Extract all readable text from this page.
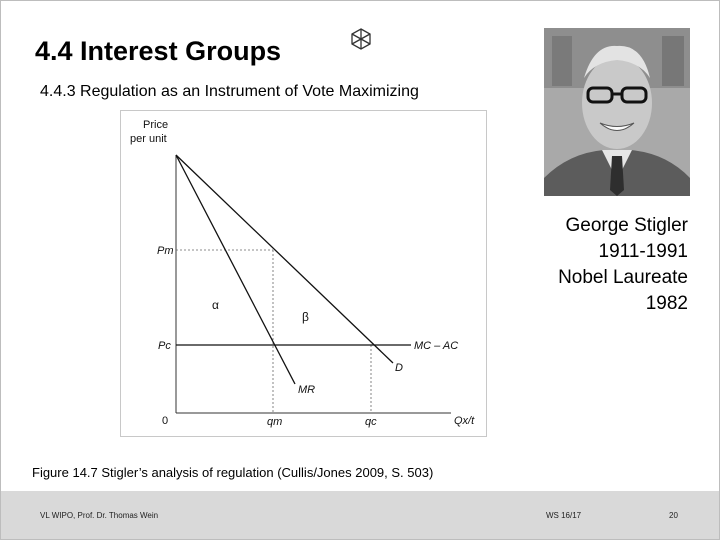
4.4 Interest Groups
4.4.3 Regulation as an Instrument of Vote Maximizing
Price
per unit
Pm
Pc
0	qm	qc	Qx/t
α
β
MC – AC
D
MR
George Stigler
1911-1991
Nobel Laureate
1982
Figure 14.7 Stigler’s analysis of regulation (Cullis/Jones 2009, S. 503)
VL WIPO, Prof. Dr. Thomas Wein	WS 16/17	20
